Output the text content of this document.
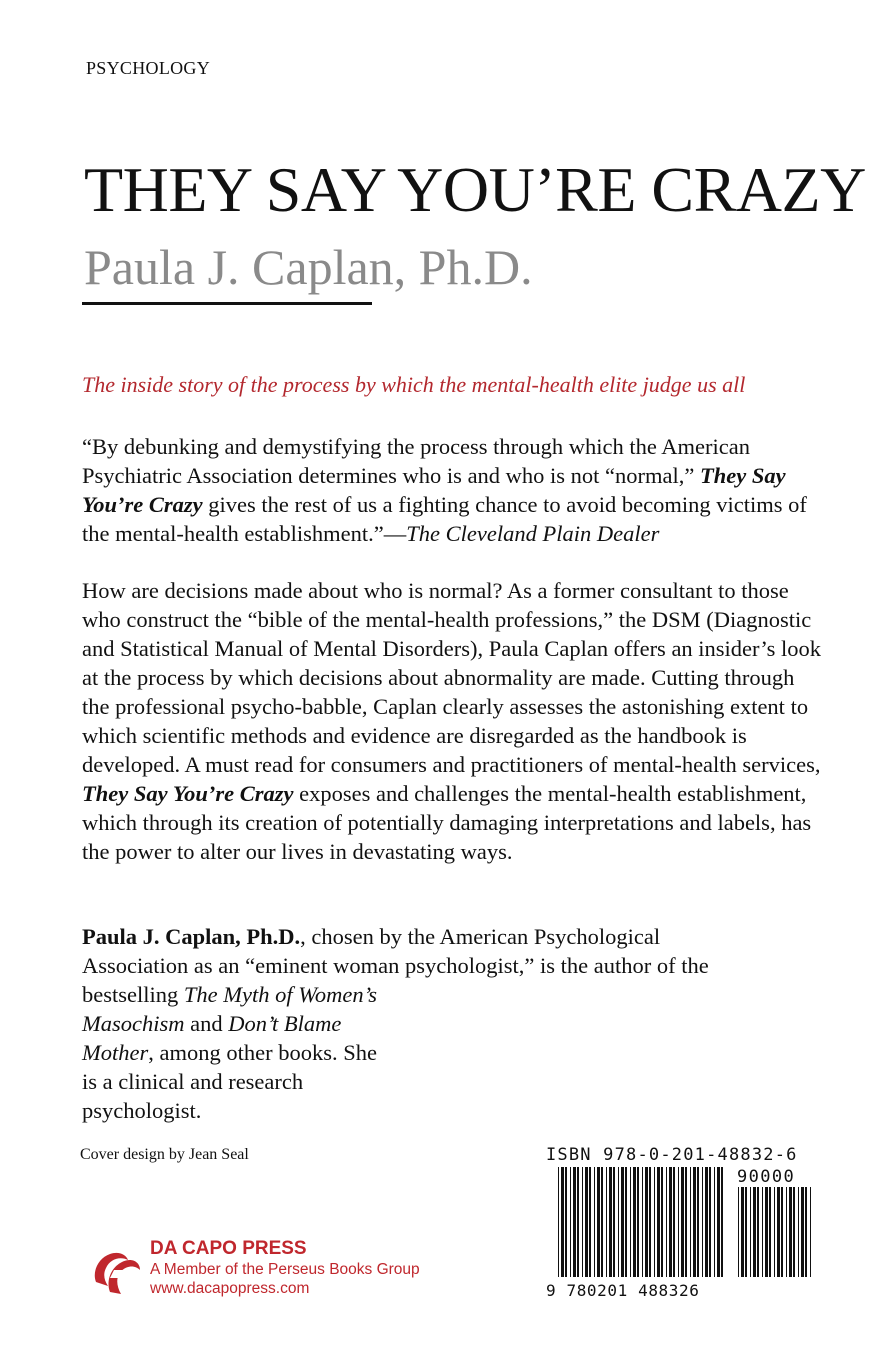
PSYCHOLOGY
THEY SAY YOU’RE CRAZY
Paula J. Caplan, Ph.D.
The inside story of the process by which the mental-health elite judge us all
“By debunking and demystifying the process through which the American Psychiatric Association determines who is and who is not “normal,” They Say You’re Crazy gives the rest of us a fighting chance to avoid becoming victims of the mental-health establishment.”—The Cleveland Plain Dealer
How are decisions made about who is normal? As a former consultant to those who construct the “bible of the mental-health professions,” the DSM (Diagnostic and Statistical Manual of Mental Disorders), Paula Caplan offers an insider’s look at the process by which decisions about abnormality are made. Cutting through the professional psycho-babble, Caplan clearly assesses the astonishing extent to which scientific methods and evidence are disregarded as the handbook is developed. A must read for consumers and practitioners of mental-health services, They Say You’re Crazy exposes and challenges the mental-health establishment, which through its creation of potentially damaging interpretations and labels, has the power to alter our lives in devastating ways.
Paula J. Caplan, Ph.D., chosen by the American Psychological
Association as an “eminent woman psychologist,” is the author of the
bestselling The Myth of Women’s
Masochism and Don’t Blame
Mother, among other books. She
is a clinical and research
psychologist.
Cover design by Jean Seal
DA CAPO PRESS
A Member of the Perseus Books Group
www.dacapopress.com
ISBN 978-0-201-48832-6
90000
9 780201 488326
